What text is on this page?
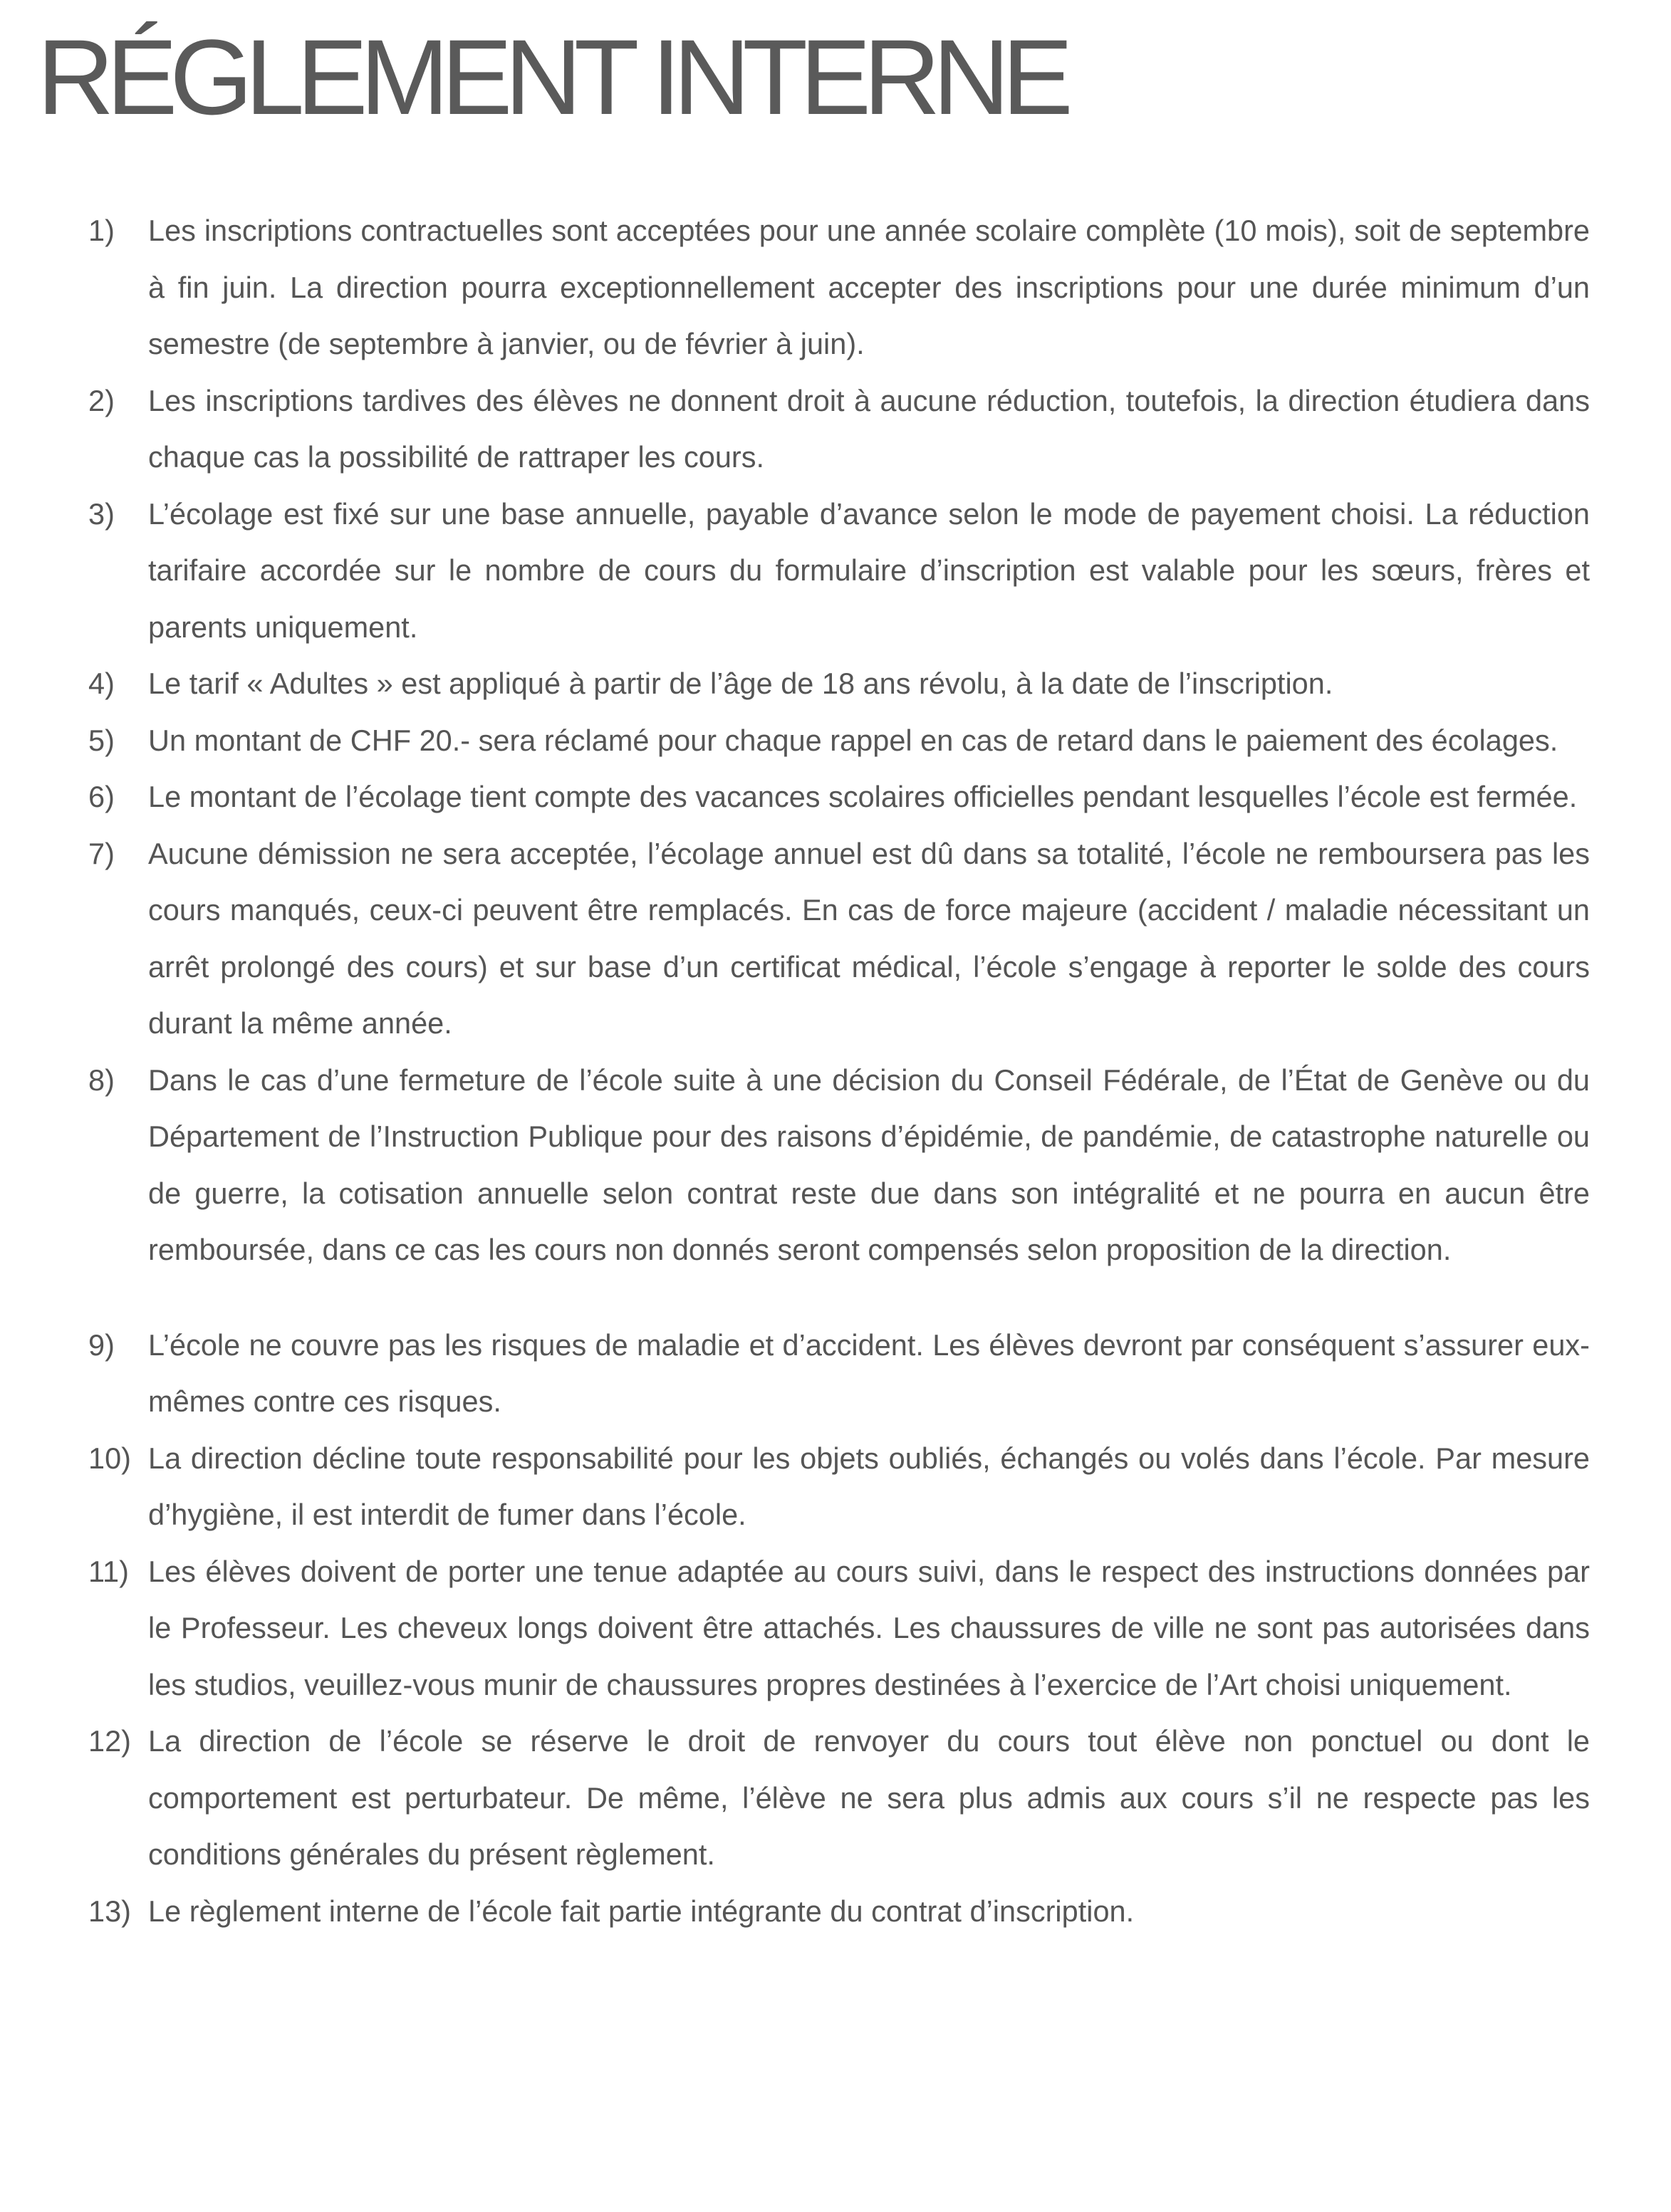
RÉGLEMENT INTERNE
1)	Les inscriptions contractuelles sont acceptées pour une année scolaire complète (10 mois), soit de septembre à fin juin. La direction pourra exceptionnellement accepter des inscriptions pour une durée minimum d’un semestre (de septembre à janvier, ou de février à juin).
2)	Les inscriptions tardives des élèves ne donnent droit à aucune réduction, toutefois, la direction étudiera dans chaque cas la possibilité de rattraper les cours.
3)	L’écolage est fixé sur une base annuelle, payable d’avance selon le mode de payement choisi. La réduction tarifaire accordée sur le nombre de cours du formulaire d’inscription est valable pour les sœurs, frères et parents uniquement.
4)	Le tarif « Adultes » est appliqué à partir de l’âge de 18 ans révolu, à la date de l’inscription.
5)	Un montant de CHF 20.- sera réclamé pour chaque rappel en cas de retard dans le paiement des écolages.
6)	Le montant de l’écolage tient compte des vacances scolaires officielles pendant lesquelles l’école est fermée.
7)	Aucune démission ne sera acceptée, l’écolage annuel est dû dans sa totalité, l’école ne remboursera pas les cours manqués, ceux-ci peuvent être remplacés. En cas de force majeure (accident / maladie nécessitant un arrêt prolongé des cours) et sur base d’un certificat médical, l’école s’engage à reporter le solde des cours durant la même année.
8)	Dans le cas d’une fermeture de l’école suite à une décision du Conseil Fédérale, de l’État de Genève ou du Département de l’Instruction Publique pour des raisons d’épidémie, de pandémie, de catastrophe naturelle ou de guerre, la cotisation annuelle selon contrat reste due dans son intégralité et ne pourra en aucun être remboursée, dans ce cas les cours non donnés seront compensés selon proposition de la direction.
9)	L’école ne couvre pas les risques de maladie et d’accident. Les élèves devront par conséquent s’assurer eux-mêmes contre ces risques.
10) La direction décline toute responsabilité pour les objets oubliés, échangés ou volés dans l’école. Par mesure d’hygiène, il est interdit de fumer dans l’école.
11) Les élèves doivent de porter une tenue adaptée au cours suivi, dans le respect des instructions données par le Professeur. Les cheveux longs doivent être attachés. Les chaussures de ville ne sont pas autorisées dans les studios, veuillez-vous munir de chaussures propres destinées à l’exercice de l’Art choisi uniquement.
12) La direction de l’école se réserve le droit de renvoyer du cours tout élève non ponctuel ou dont le comportement est perturbateur. De même, l’élève ne sera plus admis aux cours s’il ne respecte pas les conditions générales du présent règlement.
13) Le règlement interne de l’école fait partie intégrante du contrat d’inscription.
